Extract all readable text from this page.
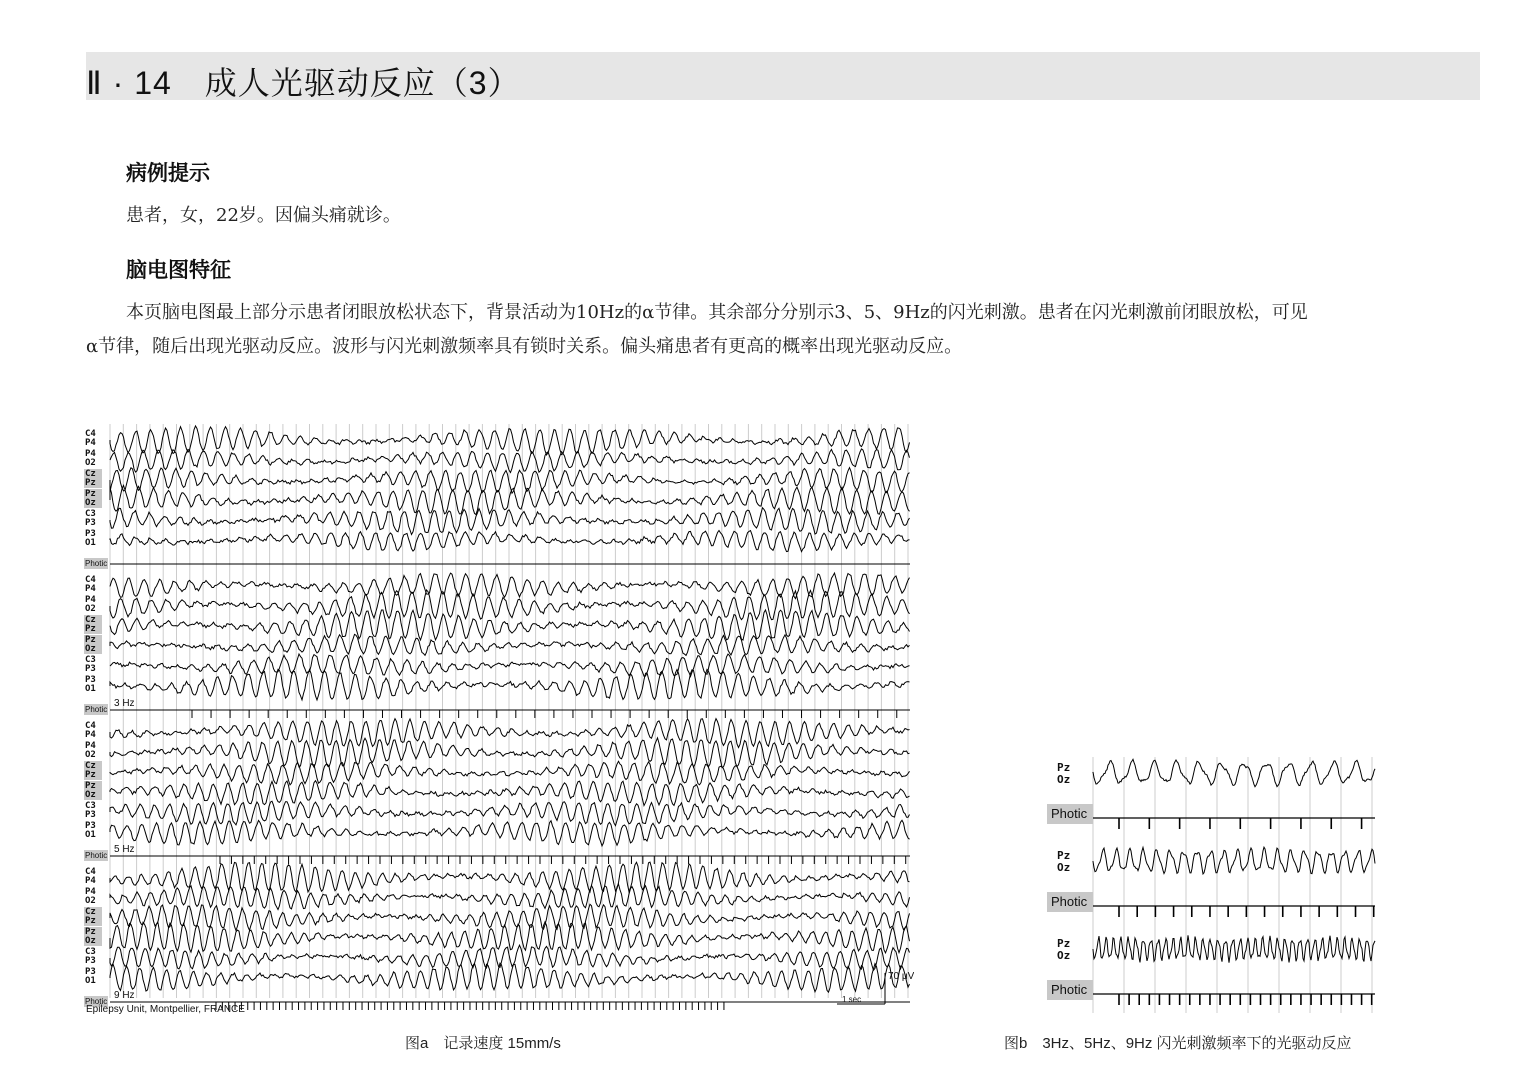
Ⅱ · 14　成人光驱动反应（3）
病例提示
患者，女，22岁。因偏头痛就诊。
脑电图特征
本页脑电图最上部分示患者闭眼放松状态下，背景活动为10Hz的α节律。其余部分分别示3、5、9Hz的闪光刺激。患者在闪光刺激前闭眼放松，可见
α节律，随后出现光驱动反应。波形与闪光刺激频率具有锁时关系。偏头痛患者有更高的概率出现光驱动反应。
C4
P4
P4
O2
Cz
Pz
Pz
Oz
C3
P3
P3
O1
Photic
C4
P4
P4
O2
Cz
Pz
Pz
Oz
C3
P3
P3
O1
Photic
3 Hz
C4
P4
P4
O2
Cz
Pz
Pz
Oz
C3
P3
P3
O1
Photic
5 Hz
C4
P4
P4
O2
Cz
Pz
Pz
Oz
C3
P3
P3
O1
Photic
9 Hz
70 μV
1 sec
Epilepsy Unit, Montpellier, FRANCE
图a　记录速度 15mm/s
Pz
Oz
Photic
Pz
Oz
Photic
Pz
Oz
Photic
图b　3Hz、5Hz、9Hz 闪光刺激频率下的光驱动反应
